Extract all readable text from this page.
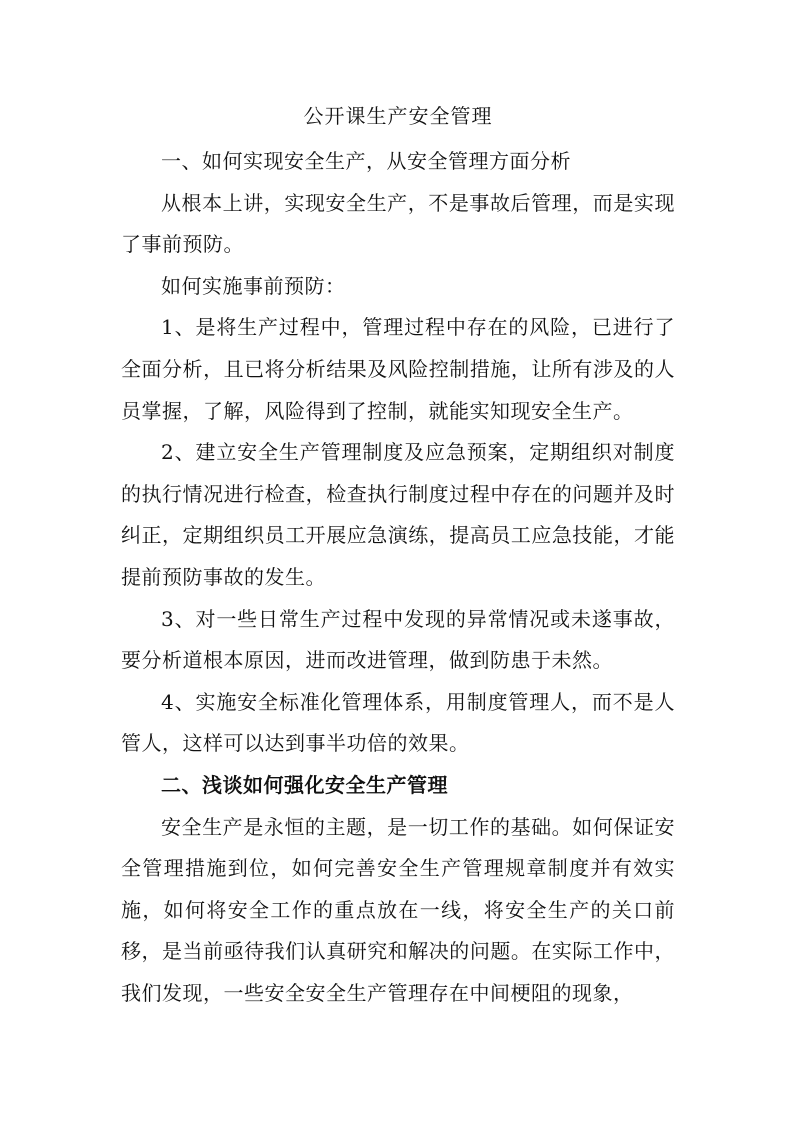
公开课生产安全管理

一、如何实现安全生产，从安全管理方面分析

从根本上讲，实现安全生产，不是事故后管理，而是实现了事前预防。

如何实施事前预防：

1、是将生产过程中，管理过程中存在的风险，已进行了全面分析，且已将分析结果及风险控制措施，让所有涉及的人员掌握，了解，风险得到了控制，就能实知现安全生产。

2、建立安全生产管理制度及应急预案，定期组织对制度的执行情况进行检查，检查执行制度过程中存在的问题并及时纠正，定期组织员工开展应急演练，提高员工应急技能，才能提前预防事故的发生。

3、对一些日常生产过程中发现的异常情况或未遂事故，要分析道根本原因，进而改进管理，做到防患于未然。

4、实施安全标准化管理体系，用制度管理人，而不是人管人，这样可以达到事半功倍的效果。

二、浅谈如何强化安全生产管理

安全生产是永恒的主题，是一切工作的基础。如何保证安全管理措施到位，如何完善安全生产管理规章制度并有效实施，如何将安全工作的重点放在一线，将安全生产的关口前移，是当前亟待我们认真研究和解决的问题。在实际工作中，我们发现，一些安全安全生产管理存在中间梗阻的现象，
